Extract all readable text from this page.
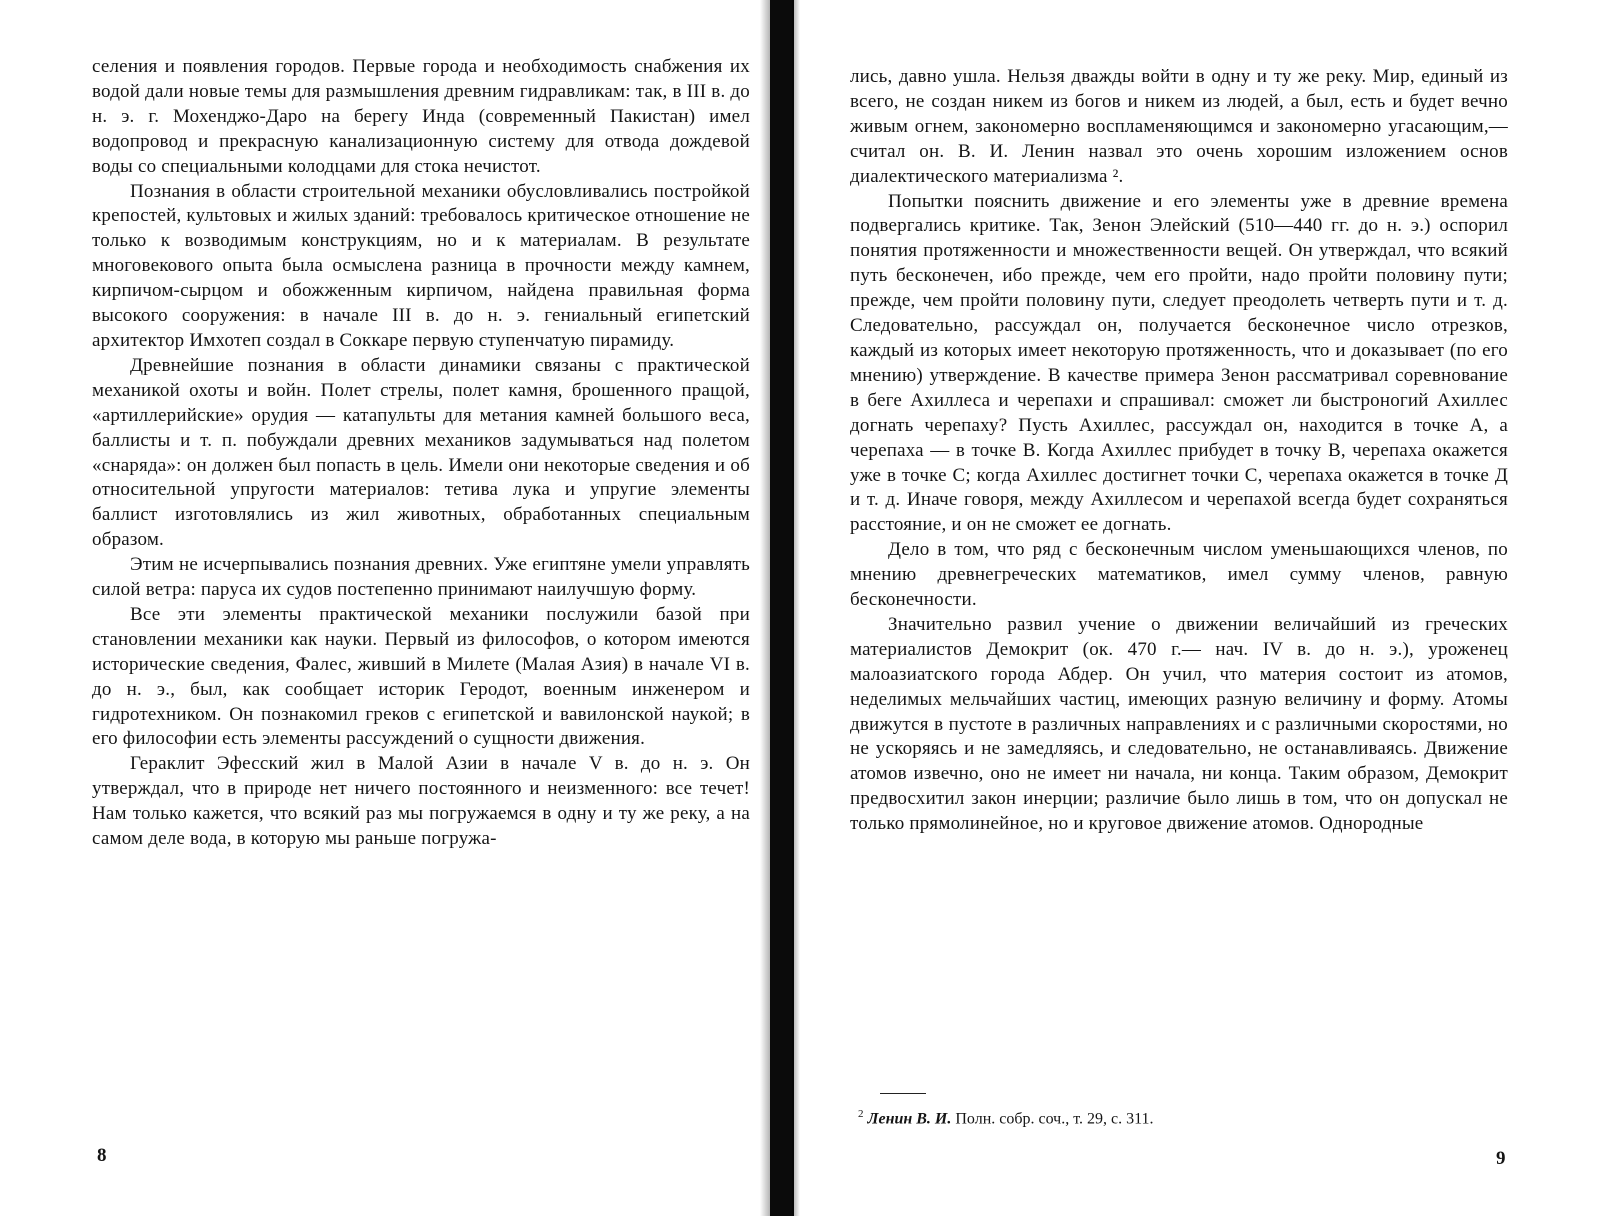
селения и появления городов. Первые города и необходимость снабжения их водой дали новые темы для размышления древним гидравликам: так, в III в. до н. э. г. Мохенджо-Даро на берегу Инда (современный Пакистан) имел водопровод и прекрасную канализационную систему для отвода дождевой воды со специальными колодцами для стока нечистот.

Познания в области строительной механики обусловливались постройкой крепостей, культовых и жилых зданий: требовалось критическое отношение не только к возводимым конструкциям, но и к материалам. В результате многовекового опыта была осмыслена разница в прочности между камнем, кирпичом-сырцом и обожженным кирпичом, найдена правильная форма высокого сооружения: в начале III в. до н. э. гениальный египетский архитектор Имхотеп создал в Соккаре первую ступенчатую пирамиду.

Древнейшие познания в области динамики связаны с практической механикой охоты и войн. Полет стрелы, полет камня, брошенного пращой, «артиллерийские» орудия — катапульты для метания камней большого веса, баллисты и т. п. побуждали древних механиков задумываться над полетом «снаряда»: он должен был попасть в цель. Имели они некоторые сведения и об относительной упругости материалов: тетива лука и упругие элементы баллист изготовлялись из жил животных, обработанных специальным образом.

Этим не исчерпывались познания древних. Уже египтяне умели управлять силой ветра: паруса их судов постепенно принимают наилучшую форму.

Все эти элементы практической механики послужили базой при становлении механики как науки. Первый из философов, о котором имеются исторические сведения, Фалес, живший в Милете (Малая Азия) в начале VI в. до н. э., был, как сообщает историк Геродот, военным инженером и гидротехником. Он познакомил греков с египетской и вавилонской наукой; в его философии есть элементы рассуждений о сущности движения.

Гераклит Эфесский жил в Малой Азии в начале V в. до н. э. Он утверждал, что в природе нет ничего постоянного и неизменного: все течет! Нам только кажется, что всякий раз мы погружаемся в одну и ту же реку, а на самом деле вода, в которую мы раньше погружа-

8

лись, давно ушла. Нельзя дважды войти в одну и ту же реку. Мир, единый из всего, не создан никем из богов и никем из людей, а был, есть и будет вечно живым огнем, закономерно воспламеняющимся и закономерно угасающим,— считал он. В. И. Ленин назвал это очень хорошим изложением основ диалектического материализма ².

Попытки пояснить движение и его элементы уже в древние времена подвергались критике. Так, Зенон Элейский (510—440 гг. до н. э.) оспорил понятия протяженности и множественности вещей. Он утверждал, что всякий путь бесконечен, ибо прежде, чем его пройти, надо пройти половину пути; прежде, чем пройти половину пути, следует преодолеть четверть пути и т. д. Следовательно, рассуждал он, получается бесконечное число отрезков, каждый из которых имеет некоторую протяженность, что и доказывает (по его мнению) утверждение. В качестве примера Зенон рассматривал соревнование в беге Ахиллеса и черепахи и спрашивал: сможет ли быстроногий Ахиллес догнать черепаху? Пусть Ахиллес, рассуждал он, находится в точке А, а черепаха — в точке В. Когда Ахиллес прибудет в точку В, черепаха окажется уже в точке С; когда Ахиллес достигнет точки С, черепаха окажется в точке Д и т. д. Иначе говоря, между Ахиллесом и черепахой всегда будет сохраняться расстояние, и он не сможет ее догнать.

Дело в том, что ряд с бесконечным числом уменьшающихся членов, по мнению древнегреческих математиков, имел сумму членов, равную бесконечности.

Значительно развил учение о движении величайший из греческих материалистов Демокрит (ок. 470 г.— нач. IV в. до н. э.), уроженец малоазиатского города Абдер. Он учил, что материя состоит из атомов, неделимых мельчайших частиц, имеющих разную величину и форму. Атомы движутся в пустоте в различных направлениях и с различными скоростями, но не ускоряясь и не замедляясь, и следовательно, не останавливаясь. Движение атомов извечно, оно не имеет ни начала, ни конца. Таким образом, Демокрит предвосхитил закон инерции; различие было лишь в том, что он допускал не только прямолинейное, но и круговое движение атомов. Однородные

$^2$ Ленин В. И. Полн. собр. соч., т. 29, с. 311.
9
